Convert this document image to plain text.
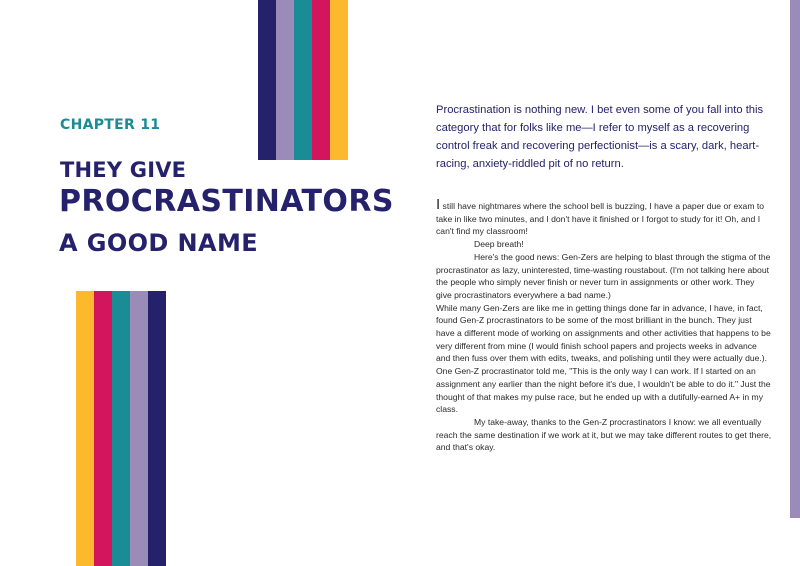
CHAPTER 11
THEY GIVE
PROCRASTINATORS
A GOOD NAME
Procrastination is nothing new. I bet even some of you fall into this category that for folks like me—I refer to myself as a recovering control freak and recovering perfectionist—is a scary, dark, heart-racing, anxiety-riddled pit of no return.

I still have nightmares where the school bell is buzzing, I have a paper due or exam to take in like two minutes, and I don't have it finished or I forgot to study for it! Oh, and I can't find my classroom!

Deep breath!

Here's the good news: Gen-Zers are helping to blast through the stigma of the procrastinator as lazy, uninterested, time-wasting roustabout. (I'm not talking here about the people who simply never finish or never turn in assignments or other work. They give procrastinators everywhere a bad name.)

While many Gen-Zers are like me in getting things done far in advance, I have, in fact, found Gen-Z procrastinators to be some of the most brilliant in the bunch. They just have a different mode of working on assignments and other activities that happens to be very different from mine (I would finish school papers and projects weeks in advance and then fuss over them with edits, tweaks, and polishing until they were actually due.). One Gen-Z procrastinator told me, "This is the only way I can work. If I started on an assignment any earlier than the night before it's due, I wouldn't be able to do it." Just the thought of that makes my pulse race, but he ended up with a dutifully-earned A+ in my class.

My take-away, thanks to the Gen-Z procrastinators I know: we all eventually reach the same destination if we work at it, but we may take different routes to get there, and that's okay.
